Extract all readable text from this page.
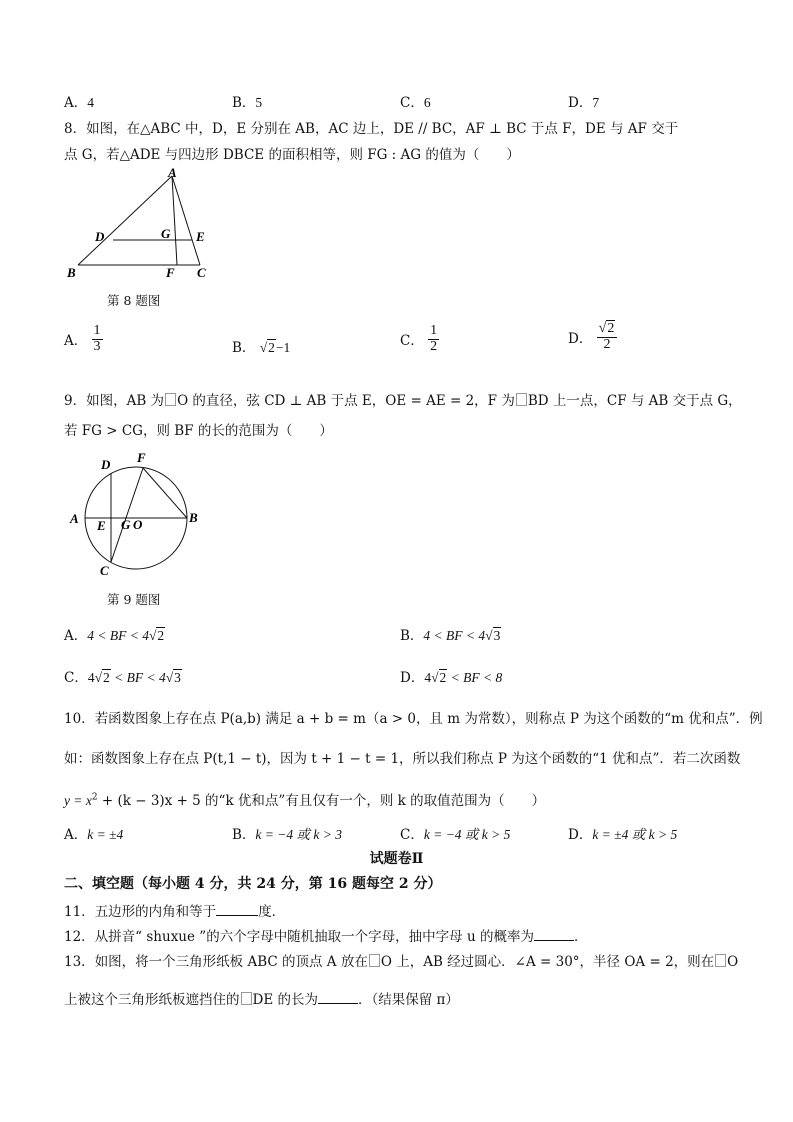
A．4	B．5	C．6	D．7
8．如图，在△ABC 中，D，E 分别在 AB，AC 边上，DE // BC，AF ⊥ BC 于点 F，DE 与 AF 交于
点 G，若△ADE 与四边形 DBCE 的面积相等，则 FG : AG 的值为（　　）
A
B	C
D	E
F
G
第 8 题图
A． $\frac{1}{3}$	B． √2−1	C． $\frac{1}{2}$	D． $\frac{√2}{2}$
9．如图，AB 为 O 的直径，弦 CD ⊥ AB 于点 E，OE = AE = 2，F 为 BD 上一点，CF 与 AB 交于点 G，
若 FG > CG，则 BF 的长的范围为（　　）
A	B
C
D
E
F
G O
第 9 题图
A．4 < BF < 4√2	B．4 < BF < 4√3
C．4√2 < BF < 4√3	D．4√2 < BF < 8
10．若函数图象上存在点 P(a,b) 满足 a + b = m（a > 0，且 m 为常数），则称点 P 为这个函数的“m 优和点”．例
如：函数图象上存在点 P(t,1 − t)，因为 t + 1 − t = 1，所以我们称点 P 为这个函数的“1 优和点”．若二次函数
$y = x^2 + (k - 3)x + 5$ 的“k 优和点”有且仅有一个，则 k 的取值范围为（　　）
A．k = ±4	B．k = −4 或 k > 3	C．k = −4 或 k > 5	D．k = ±4 或 k > 5
试题卷Ⅱ
二、填空题（每小题 4 分，共 24 分，第 16 题每空 2 分）
11．五边形的内角和等于	度．
12．从拼音“ shuxue ”的六个字母中随机抽取一个字母，抽中字母 u 的概率为	．
13．如图，将一个三角形纸板 ABC 的顶点 A 放在 O 上，AB 经过圆心．∠A = 30°，半径 OA = 2，则在 O
上被这个三角形纸板遮挡住的 DE 的长为	．（结果保留 π）
